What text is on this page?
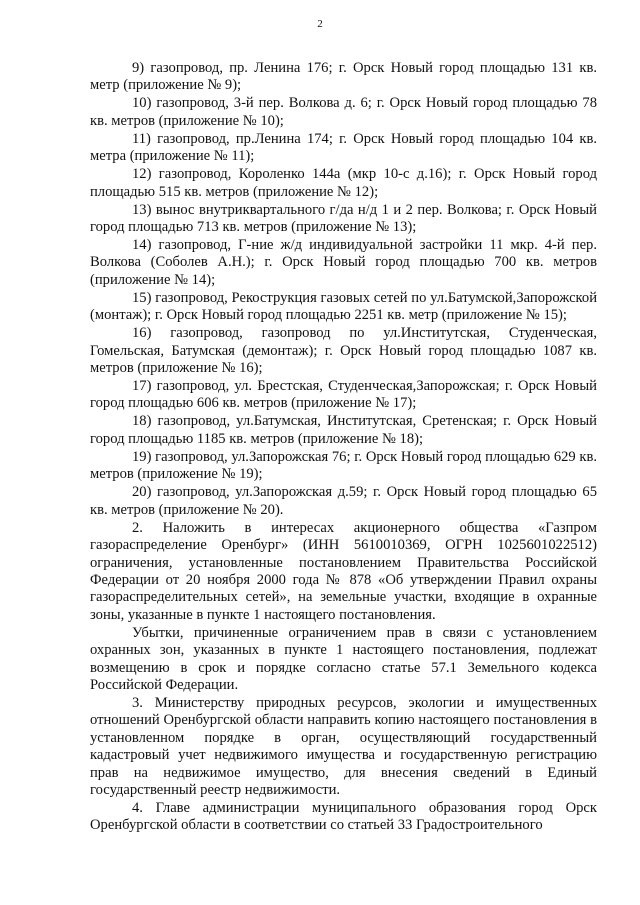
2

9) газопровод, пр. Ленина 176; г. Орск Новый город площадью 131 кв. метр (приложение № 9);

10) газопровод, 3-й пер. Волкова д. 6; г. Орск Новый город площадью 78 кв. метров (приложение № 10);

11) газопровод, пр.Ленина 174; г. Орск Новый город площадью 104 кв. метра (приложение № 11);

12) газопровод, Короленко 144а (мкр 10-с д.16); г. Орск Новый город площадью 515 кв. метров (приложение № 12);

13) вынос внутриквартального г/да н/д 1 и 2 пер. Волкова; г. Орск Новый город площадью 713 кв. метров (приложение № 13);

14) газопровод, Г-ние ж/д индивидуальной застройки 11 мкр. 4-й пер. Волкова (Соболев А.Н.); г. Орск Новый город площадью 700 кв. метров (приложение № 14);

15) газопровод, Рекострукция газовых сетей по ул.Батумской,Запорожской (монтаж); г. Орск Новый город площадью 2251 кв. метр (приложение № 15);

16) газопровод, газопровод по ул.Институтская, Студенческая, Гомельская, Батумская (демонтаж); г. Орск Новый город площадью 1087 кв. метров (приложение № 16);

17) газопровод, ул. Брестская, Студенческая,Запорожская; г. Орск Новый город площадью 606 кв. метров (приложение № 17);

18) газопровод, ул.Батумская, Институтская, Сретенская; г. Орск Новый город площадью 1185 кв. метров (приложение № 18);

19) газопровод, ул.Запорожская 76; г. Орск Новый город площадью 629 кв. метров (приложение № 19);

20) газопровод, ул.Запорожская д.59; г. Орск Новый город площадью 65 кв. метров (приложение № 20).

2. Наложить в интересах акционерного общества «Газпром газораспределение Оренбург» (ИНН 5610010369, ОГРН 1025601022512) ограничения, установленные постановлением Правительства Российской Федерации от 20 ноября 2000 года № 878 «Об утверждении Правил охраны газораспределительных сетей», на земельные участки, входящие в охранные зоны, указанные в пункте 1 настоящего постановления.

Убытки, причиненные ограничением прав в связи с установлением охранных зон, указанных в пункте 1 настоящего постановления, подлежат возмещению в срок и порядке согласно статье 57.1 Земельного кодекса Российской Федерации.

3. Министерству природных ресурсов, экологии и имущественных отношений Оренбургской области направить копию настоящего постановления в установленном порядке в орган, осуществляющий государственный кадастровый учет недвижимого имущества и государственную регистрацию прав на недвижимое имущество, для внесения сведений в Единый государственный реестр недвижимости.

4. Главе администрации муниципального образования город Орск Оренбургской области в соответствии со статьей 33 Градостроительного
